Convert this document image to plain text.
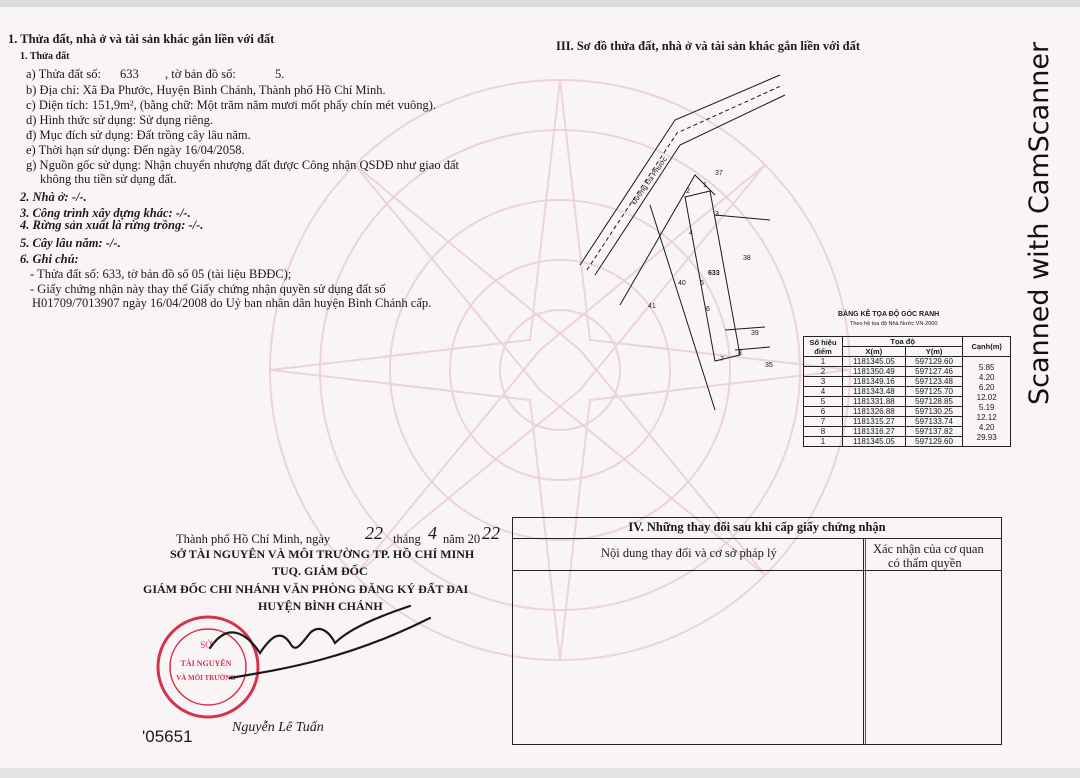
1. Thửa đất, nhà ở và tài sản khác gắn liền với đất
1. Thửa đất
a) Thửa đất số: 633 , tờ bản đồ số:	5.
b) Địa chỉ: Xã Đa Phước, Huyện Bình Chánh, Thành phố Hồ Chí Minh.
c) Diện tích: 151,9m², (bằng chữ: Một trăm năm mươi mốt phẩy chín mét vuông).
d) Hình thức sử dụng: Sử dụng riêng.
đ) Mục đích sử dụng: Đất trồng cây lâu năm.
e) Thời hạn sử dụng: Đến ngày 16/04/2058.
g) Nguồn gốc sử dụng: Nhận chuyển nhượng đất được Công nhận QSDĐ như giao đất
không thu tiền sử dụng đất.
2. Nhà ở: -/-.
3. Công trình xây dựng khác: -/-.
4. Rừng sản xuất là rừng trồng: -/-.
5. Cây lâu năm: -/-.
6. Ghi chú:
- Thửa đất số: 633, tờ bản đồ số 05 (tài liệu BĐĐC);
- Giấy chứng nhận này thay thế Giấy chứng nhận quyền sử dụng đất số
H01709/7013907 ngày 16/04/2008 do Uỷ ban nhân dân huyện Bình Chánh cấp.
Thành phố Hồ Chí Minh, ngày 22 tháng 4 năm 20 22
SỞ TÀI NGUYÊN VÀ MÔI TRƯỜNG TP. HỒ CHÍ MINH
TUQ. GIÁM ĐỐC
GIÁM ĐỐC CHI NHÁNH VĂN PHÒNG ĐĂNG KÝ ĐẤT ĐAI
HUYỆN BÌNH CHÁNH
SỞ
TÀI NGUYÊN
VÀ MÔI TRƯỜNG
Nguyễn Lê Tuấn
'05651
III. Sơ đồ thửa đất, nhà ở và tài sản khác gắn liền với đất
Đường Đa Phước	37
38
39
35
40
41
633
1
2
3
4
5
6
7
8
BẢNG KÊ TỌA ĐỘ GÓC RANH
Theo hệ tọa độ Nhà Nước VN-2000
Số hiệu điểm	Tọa độ		Cạnh(m)
	X(m)	Y(m)	
1	1181345.05	597129.60	5.85
2	1181350.49	597127.46	4.20
3	1181349.16	597123.48	6.20
4	1181343.48	597125.70	12.02
5	1181331.88	597128.85	5.19
6	1181326.88	597130.25	12.12
7	1181315.27	597133.74	4.20
8	1181316.27	597137.82	29.93
1	1181345.05	597129.60	
IV. Những thay đổi sau khi cấp giấy chứng nhận
Nội dung thay đổi và cơ sở pháp lý	Xác nhận của cơ quan
có thẩm quyền
Scanned with CamScanner
